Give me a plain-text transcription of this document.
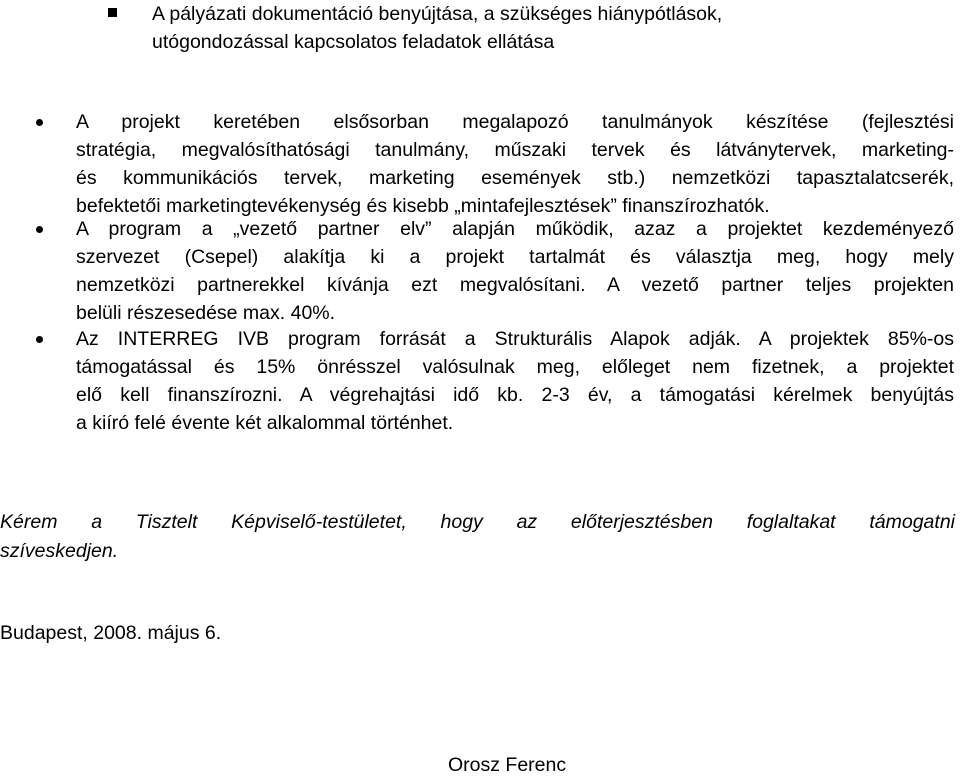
A pályázati dokumentáció benyújtása, a szükséges hiánypótlások,
utógondozással kapcsolatos feladatok ellátása
A projekt keretében elsősorban megalapozó tanulmányok készítése (fejlesztési
stratégia, megvalósíthatósági tanulmány, műszaki tervek és látványtervek, marketing-
és kommunikációs tervek, marketing események stb.) nemzetközi tapasztalatcserék,
befektetői marketingtevékenység és kisebb „mintafejlesztések” finanszírozhatók.
A program a „vezető partner elv” alapján működik, azaz a projektet kezdeményező
szervezet (Csepel) alakítja ki a projekt tartalmát és választja meg, hogy mely
nemzetközi partnerekkel kívánja ezt megvalósítani. A vezető partner teljes projekten
belüli részesedése max. 40%.
Az INTERREG IVB program forrását a Strukturális Alapok adják. A projektek 85%-os
támogatással és 15% önrésszel valósulnak meg, előleget nem fizetnek, a projektet
elő kell finanszírozni. A végrehajtási idő kb. 2-3 év, a támogatási kérelmek benyújtás
a kiíró felé évente két alkalommal történhet.
Kérem a Tisztelt Képviselő-testületet, hogy az előterjesztésben foglaltakat támogatni
szíveskedjen.
Budapest, 2008. május 6.
Orosz Ferenc
